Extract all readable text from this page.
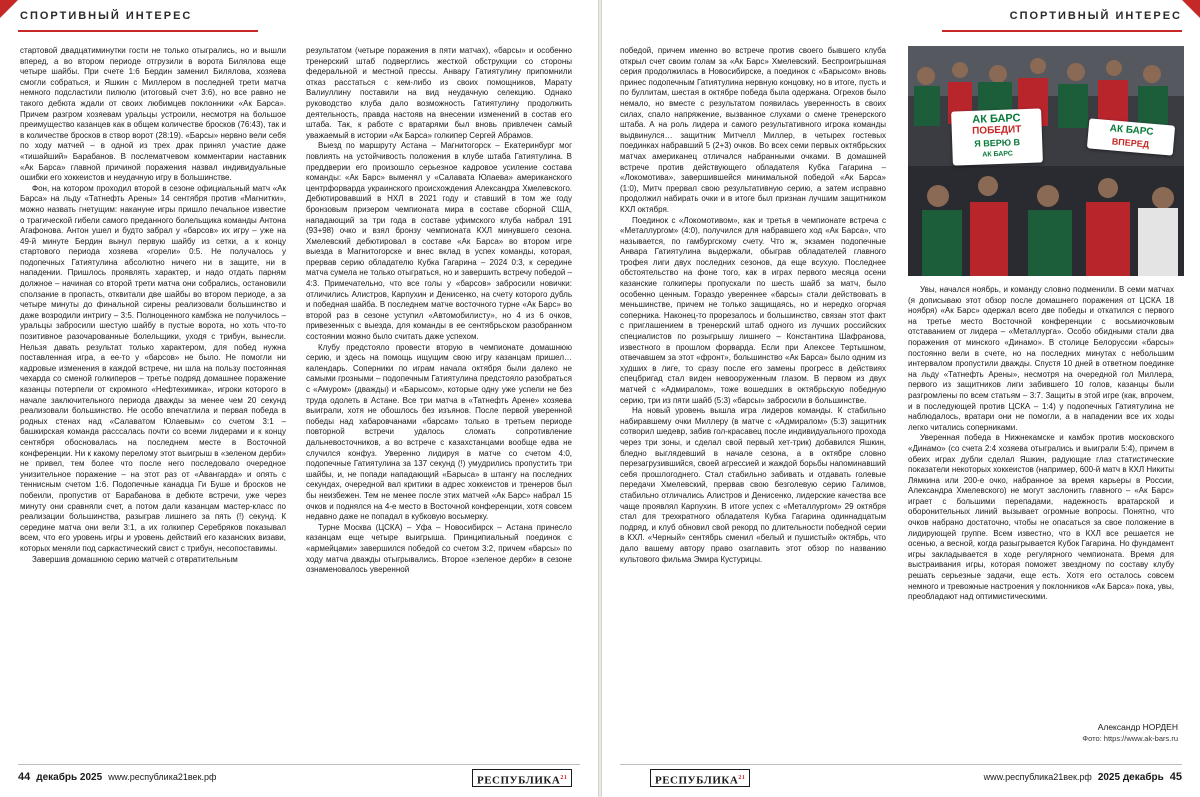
СПОРТИВНЫЙ ИНТЕРЕС

стартовой двадцатиминутки гости не только отыгрались, но и вышли вперед, а во втором периоде отгрузили в ворота Билялова еще четыре шайбы. При счете 1:6 Бердин заменил Билялова, хозяева смогли собраться, и Яшкин с Миллером в последней трети матча немного подсластили пилюлю (итоговый счет 3:6), но все равно не такого дебюта ждали от своих любимцев поклонники «Ак Барса». Причем разгром хозяевам уральцы устроили, несмотря на большое преимущество казанцев как в общем количестве бросков (76:43), так и в количестве бросков в створ ворот (28:19). «Барсы» нервно вели себя по ходу матчей – в одной из трех драк принял участие даже «тишайший» Барабанов. В послематчевом комментарии наставник «Ак Барса» главной причиной поражения назвал индивидуальные ошибки его хоккеистов и неудачную игру в большинстве.

Фон, на котором проходил второй в сезоне официальный матч «Ак Барса» на льду «Татнефть Арены» 14 сентября против «Магнитки», можно назвать гнетущим: накануне игры пришло печальное известие о трагической гибели самого преданного болельщика команды Антона Агафонова. Антон ушел и будто забрал у «барсов» их игру – уже на 49-й минуте Бердин вынул первую шайбу из сетки, а к концу стартового периода хозяева «горели» 0:5. Не получалось у подопечных Гатиятулина абсолютно ничего ни в защите, ни в нападении. Пришлось проявлять характер, и надо отдать парням должное – начиная со второй трети матча они собрались, остановили сползание в пропасть, отквитали две шайбы во втором периоде, а за четыре минуты до финальной сирены реализовали большинство и даже возродили интригу – 3:5. Полноценного камбэка не получилось – уральцы забросили шестую шайбу в пустые ворота, но хоть что-то позитивное разочарованные болельщики, уходя с трибун, вынесли. Нельзя давать результат только характером, для побед нужна поставленная игра, а ее-то у «барсов» не было. Не помогли ни кадровые изменения в каждой встрече, ни шла на пользу постоянная чехарда со сменой голкиперов – третье подряд домашнее поражение казанцы потерпели от скромного «Нефтехимика», игроки которого в начале заключительного периода дважды за менее чем 20 секунд реализовали большинство. Не особо впечатлила и первая победа в родных стенах над «Салаватом Юлаевым» со счетом 3:1 – башкирская команда расссалась почти со всеми лидерами и к концу сентября обосновалась на последнем месте в Восточной конференции. Ни к какому перелому этот выигрыш в «зеленом дерби» не привел, тем более что после него последовало очередное унизительное поражение – на этот раз от «Авангарда» и опять с теннисным счетом 1:6. Подопечные канадца Ги Буше и бросков не побеили, пропустив от Барабанова в дебюте встречи, уже через минуту они сравняли счет, а потом дали казанцам мастер-класс по реализации большинства, разыграв лишнего за пять (!) секунд. К середине матча они вели 3:1, а их голкипер Серебряков показывал всем, что его уровень игры и уровень действий его казанских визави, которых меняли под саркастический свист с трибун, несопоставимы.

Завершив домашнюю серию матчей с отвратительным

результатом (четыре поражения в пяти матчах), «барсы» и особенно тренерский штаб подверглись жесткой обструкции со стороны федеральной и местной прессы. Анвару Гатиятулину припомнили отказ расстаться с кем-либо из своих помощников, Марату Валиуллину поставили на вид неудачную селекцию. Однако руководство клуба дало возможность Гатиятулину продолжить деятельность, правда настояв на внесении изменений в состав его штаба. Так, к работе с вратарями был вновь привлечен самый уважаемый в истории «Ак Барса» голкипер Сергей Абрамов.

Выезд по маршруту Астана – Магнитогорск – Екатеринбург мог повлиять на устойчивость положения в клубе штаба Гатиятулина. В преддверии его произошло серьезное кадровое усиление состава команды: «Ак Барс» выменял у «Салавата Юлаева» американского центрфорварда украинского происхождения Александра Хмелевского. Дебютировавший в НХЛ в 2021 году и ставший в том же году бронзовым призером чемпионата мира в составе сборной США, нападающий за три года в составе уфимского клуба набрал 191 (93+98) очко и взял бронзу чемпионата КХЛ минувшего сезона. Хмелевский дебютировал в составе «Ак Барса» во втором игре выезда в Магнитогорске и внес вклад в успех команды, которая, прервав серию обладателю Кубка Гагарина – 2024 0:3, к середине матча сумела не только отыграться, но и завершить встречу победой – 4:3. Примечательно, что все голы у «барсов» забросили новички: отличились Алистров, Карпухин и Денисенко, на счету которого дубль и победная шайба. В последнем матче восточного турне «Ак Барс» во второй раз в сезоне уступил «Автомобилисту», но 4 из 6 очков, привезенных с выезда, для команды в ее сентябрьском разобранном состоянии можно было считать даже успехом.

Клубу предстояло провести вторую в чемпионате домашнюю серию, и здесь на помощь ищущим свою игру казанцам пришел… календарь. Соперники по играм начала октября были далеко не самыми грозными – подопечным Гатиятулина предстояло разобраться с «Амуром» (дважды) и «Барысом», которые одну уже успели не без труда одолеть в Астане. Все три матча в «Татнефть Арене» хозяева выиграли, хотя не обошлось без изъянов. После первой уверенной победы над хабаровчанами «барсам» только в третьем периоде повторной встречи удалось сломать сопротивление дальневосточников, а во встрече с казахстанцами вообще едва не случился конфуз. Уверенно лидируя в матче со счетом 4:0, подопечные Гатиятулина за 137 секунд (!) умудрились пропустить три шайбы, и, не попади нападающий «Барыса» в штангу на последних секундах, очередной вал критики в адрес хоккеистов и тренеров был бы неизбежен. Тем не менее после этих матчей «Ак Барс» набрал 15 очков и поднялся на 4-е место в Восточной конференции, хотя совсем недавно даже не попадал в кубковую восьмерку.

Турне Москва (ЦСКА) – Уфа – Новосибирск – Астана принесло казанцам еще четыре выигрыша. Принципиальный поединок с «армейцами» завершился победой со счетом 3:2, причем «барсы» по ходу матча дважды отыгрывались. Второе «зеленое дерби» в сезоне ознаменовалось уверенной

44 декабрь 2025 www.республика21век.рф	РЕСПУБЛИКА$^{21}$
СПОРТИВНЫЙ ИНТЕРЕС

победой, причем именно во встрече против своего бывшего клуба открыл счет своим голам за «Ак Барс» Хмелевский. Беспроигрышная серия продолжилась в Новосибирске, а поединок с «Барысом» вновь принес подопечным Гатиятулина нервную концовку, но в итоге, пусть и по буллитам, шестая в октябре победа была одержана. Огрехов было немало, но вместе с результатом появилась уверенность в своих силах, спало напряжение, вызванное слухами о смене тренерского штаба. А на роль лидера и самого результативного игрока команды выдвинулся… защитник Митчелл Миллер, в четырех гостевых поединках набравший 5 (2+3) очков. Во всех семи первых октябрьских матчах американец отличался набранными очками. В домашней встрече против действующего обладателя Кубка Гагарина – «Локомотива», завершившейся минимальной победой «Ак Барса» (1:0), Митч прервал свою результативную серию, а затем исправно продолжил набирать очки и в итоге был признан лучшим защитником КХЛ октября.

Поединок с «Локомотивом», как и третья в чемпионате встреча с «Металлургом» (4:0), получился для набравшего ход «Ак Барса», что называется, по гамбургскому счету. Что ж, экзамен подопечные Анвара Гатиятулина выдержали, обыграв обладателей главного трофея лиги двух последних сезонов, да еще всухую. Последнее обстоятельство на фоне того, как в играх первого месяца осени казанские голкиперы пропускали по шесть шайб за матч, было особенно ценным. Гораздо увереннее «барсы» стали действовать в меньшинстве, причем не только защищаясь, но и нередко огорчая соперника. Наконец-то прорезалось и большинство, связан этот факт с приглашением в тренерский штаб одного из лучших российских специалистов по розыгрышу лишнего – Константина Шафранова, известного в прошлом форварда. Если при Алексее Тертышном, отвечавшем за этот «фронт», большинство «Ак Барса» было одним из худших в лиге, то сразу после его замены прогресс в действиях спецбригад стал виден невооруженным глазом. В первом из двух матчей с «Адмиралом», тоже вошедших в октябрьскую победную серию, три из пяти шайб (5:3) «барсы» забросили в большинстве.

На новый уровень вышла игра лидеров команды. К стабильно набиравшему очки Миллеру (в матче с «Адмиралом» (5:3) защитник сотворил шедевр, забив гол-красавец после индивидуального прохода через три зоны, и сделал свой первый хет-трик) добавился Яшкин, бледно выглядевший в начале сезона, а в октябре словно перезагрузившийся, своей агрессией и жаждой борьбы напоминавший себя прошлогоднего. Стал стабильно забивать и отдавать голевые передачи Хмелевский, прервав свою безголевую серию Галимов, стабильно отличались Алистров и Денисенко, лидерские качества все чаще проявлял Карпухин. В итоге успех с «Металлургом» 29 октября стал для трехкратного обладателя Кубка Гагарина одиннадцатым подряд, и клуб обновил свой рекорд по длительности победной серии в КХЛ. «Черный» сентябрь сменил «белый и пушистый» октябрь, что дало вашему автору право озаглавить этот обзор по названию культового фильма Эмира Кустурицы.

АК БАРС
ПОБЕДИТ
Я ВЕРЮ В
АК БАРС
АК БАРС
ВПЕРЕД

Увы, начался ноябрь, и команду словно подменили. В семи матчах (я дописываю этот обзор после домашнего поражения от ЦСКА 18 ноября) «Ак Барс» одержал всего две победы и откатился с первого на третье место Восточной конференции с восьмиочковым отставанием от лидера – «Металлурга». Особо обидными стали два поражения от минского «Динамо». В столице Белоруссии «барсы» постоянно вели в счете, но на последних минутах с небольшим интервалом пропустили дважды. Спустя 10 дней в ответном поединке на льду «Татнефть Арены», несмотря на очередной гол Миллера, первого из защитников лиги забившего 10 голов, казанцы были разгромлены по всем статьям – 3:7. Защиты в этой игре (как, впрочем, и в последующей против ЦСКА – 1:4) у подопечных Гатиятулина не наблюдалось, вратари они не помогли, а в нападении все их ходы легко читались соперниками.

Уверенная победа в Нижнекамске и камбэк против московского «Динамо» (со счета 2:4 хозяева отыгрались и выиграли 5:4), причем в обеих играх дубли сделал Яшкин, радующие глаз статистические показатели некоторых хоккеистов (например, 600-й матч в КХЛ Никиты Лямкина или 200-е очко, набранное за время карьеры в России, Александра Хмелевского) не могут заслонить главного – «Ак Барс» играет с большими перепадами, надежность вратарской и оборонительных линий вызывает огромные вопросы. Понятно, что очков набрано достаточно, чтобы не опасаться за свое положение в лидирующей группе. Всем известно, что в КХЛ все решается не осенью, а весной, когда разыгрывается Кубок Гагарина. Но фундамент игры закладывается в ходе регулярного чемпионата. Время для выстраивания игры, которая поможет звездному по составу клубу решать серьезные задачи, еще есть. Хотя его осталось совсем немного и тревожные настроения у поклонников «Ак Барса» пока, увы, преобладают над оптимистическими.

Александр НОРДЕН
Фото: https://www.ak-bars.ru
РЕСПУБЛИКА$^{21}$	www.республика21век.рф 2025 декабрь 45
